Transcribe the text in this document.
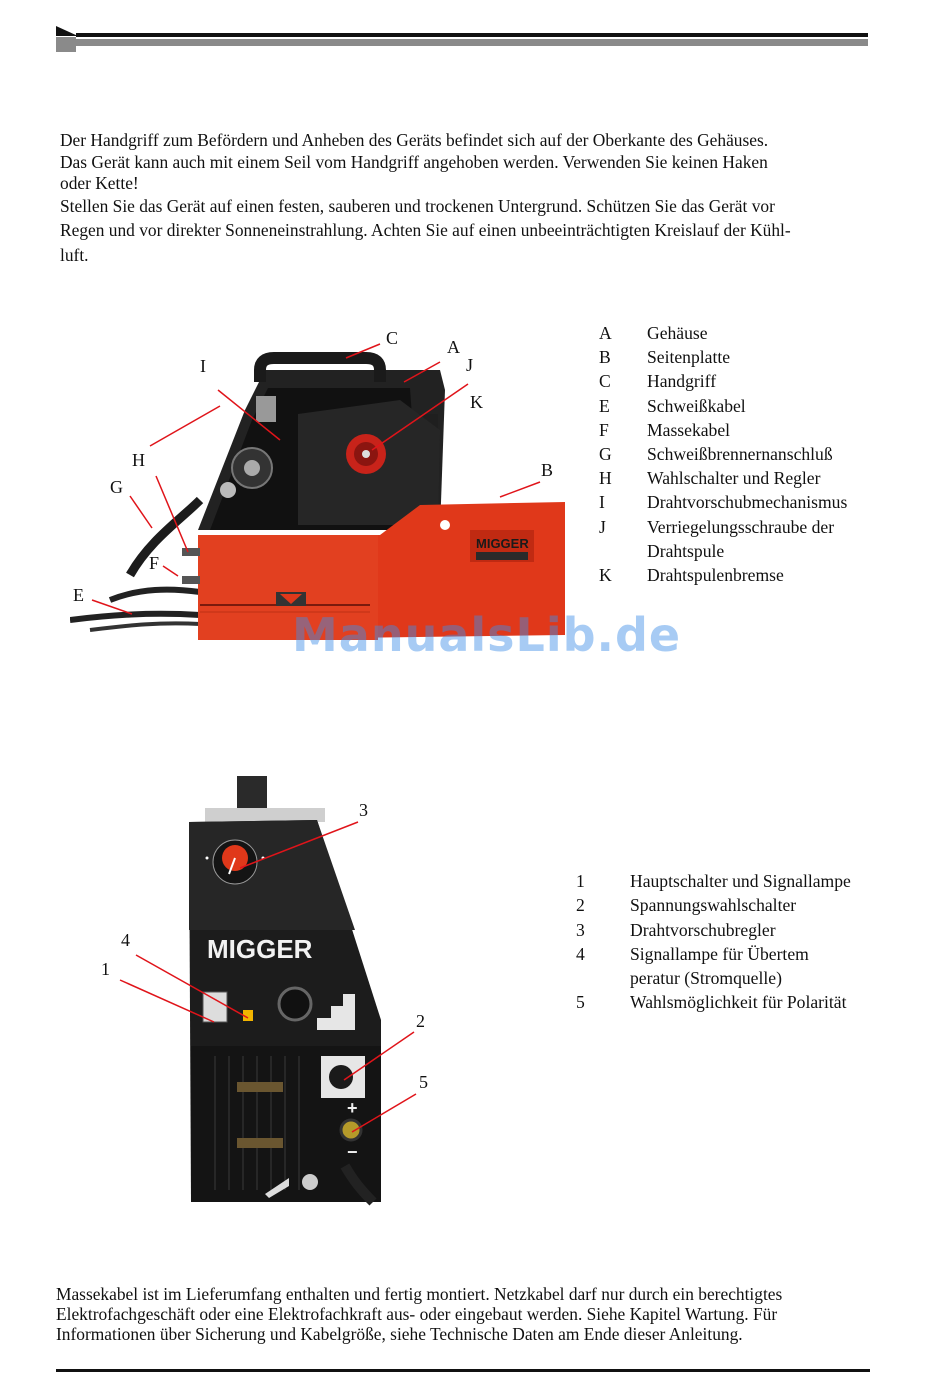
Der Handgriff zum Befördern und Anheben des Geräts befindet sich auf der Oberkante des Gehäuses.
Das Gerät kann auch mit einem Seil vom Handgriff angehoben werden. Verwenden Sie keinen Haken
oder Kette!
Stellen Sie das Gerät auf einen festen, sauberen und trockenen Untergrund. Schützen Sie das Gerät vor
Regen und vor direkter Sonneneinstrahlung. Achten Sie auf einen unbeeinträchtigten Kreislauf der Kühl-
luft.
MIGGER
C	A
J
I
K
H	B
G
F
E
A	Gehäuse
B	Seitenplatte
C	Handgriff
E	Schweißkabel
F	Massekabel
G	Schweißbrennernanschluß
H	Wahlschalter und Regler
I	Drahtvorschubmechanismus
J	Verriegelungsschraube der
Drahtspule
K	Drahtspulenbremse
ManualsLib.de
MIGGER
+
−
3
4
1
2
5
1	Hauptschalter und Signallampe
2	Spannungswahlschalter
3	Drahtvorschubregler
4	Signallampe für Übertem
peratur (Stromquelle)
5	Wahlsmöglichkeit für Polarität
Massekabel ist im Lieferumfang enthalten und fertig montiert. Netzkabel darf nur durch ein berechtigtes
Elektrofachgeschäft oder eine Elektrofachkraft aus- oder eingebaut werden. Siehe Kapitel Wartung. Für
Informationen über Sicherung und Kabelgröße, siehe Technische Daten am Ende dieser Anleitung.
